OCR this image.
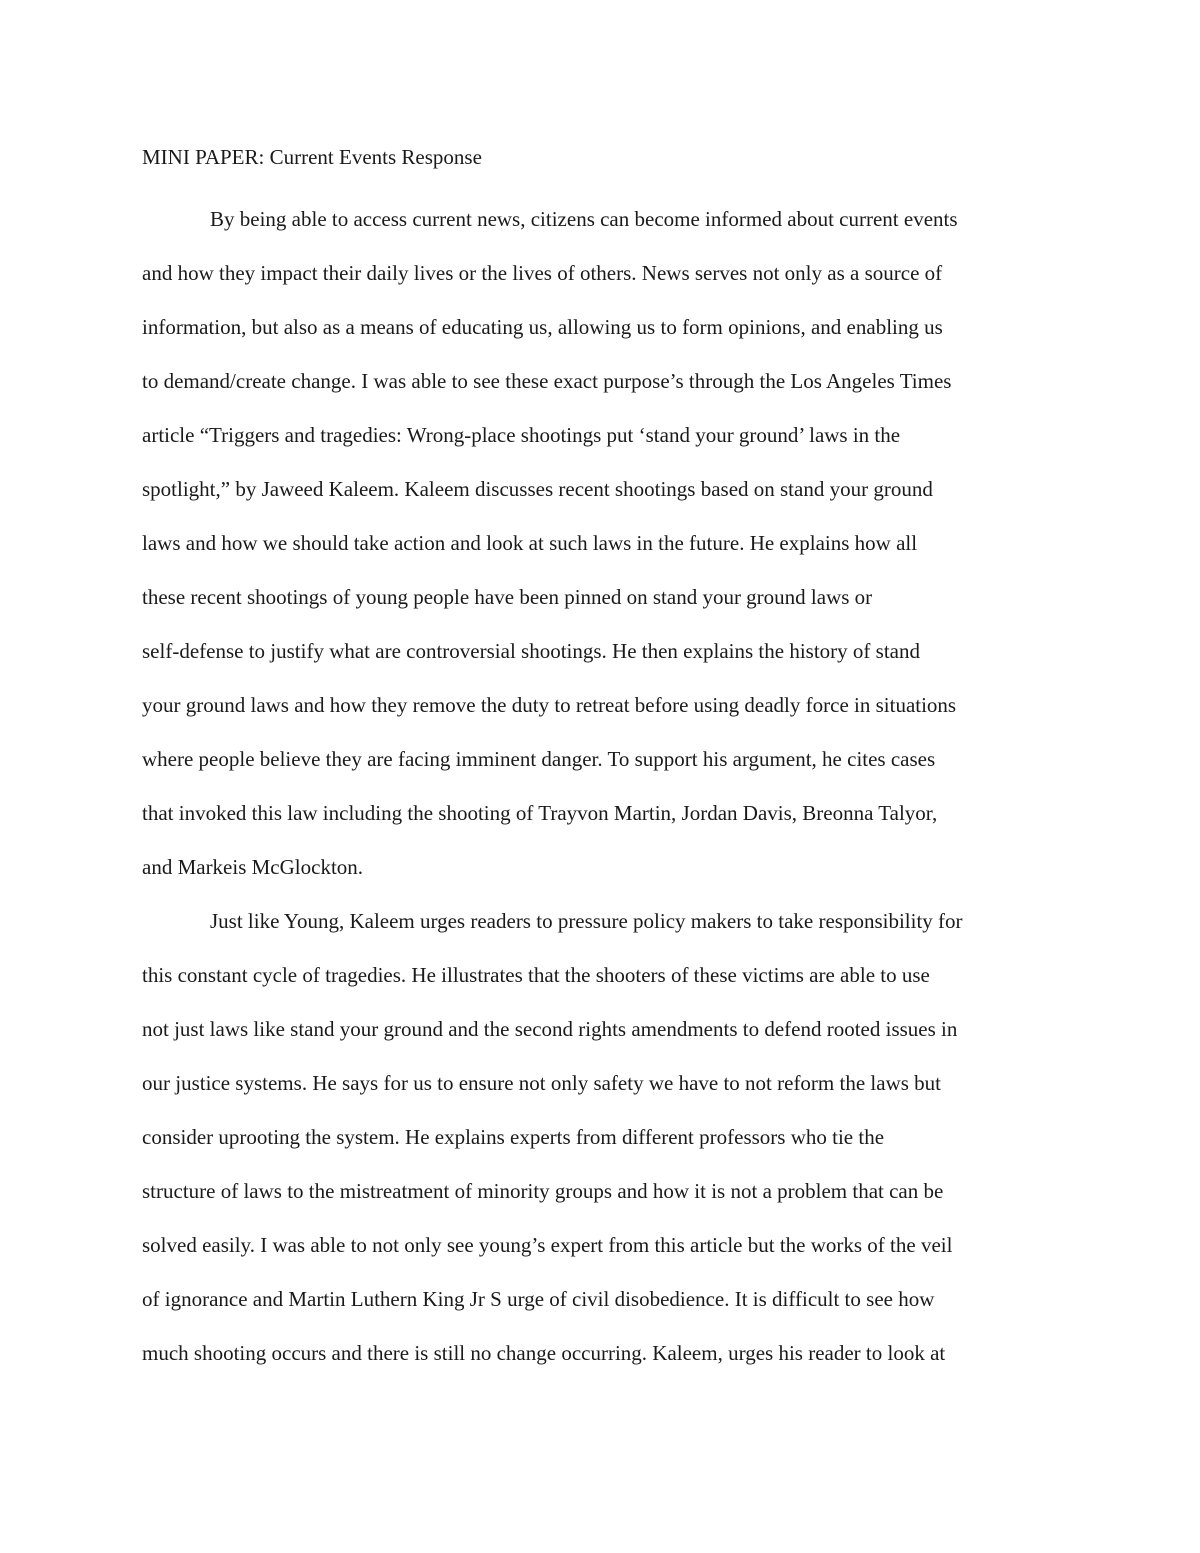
MINI PAPER: Current Events Response
By being able to access current news, citizens can become informed about current events
and how they impact their daily lives or the lives of others. News serves not only as a source of
information, but also as a means of educating us, allowing us to form opinions, and enabling us
to demand/create change. I was able to see these exact purpose’s through the Los Angeles Times
article “Triggers and tragedies: Wrong-place shootings put ‘stand your ground’ laws in the
spotlight,” by Jaweed Kaleem. Kaleem discusses recent shootings based on stand your ground
laws and how we should take action and look at such laws in the future. He explains how all
these recent shootings of young people have been pinned on stand your ground laws or
self-defense to justify what are controversial shootings. He then explains the history of stand
your ground laws and how they remove the duty to retreat before using deadly force in situations
where people believe they are facing imminent danger. To support his argument, he cites cases
that invoked this law including the shooting of Trayvon Martin, Jordan Davis, Breonna Talyor,
and Markeis McGlockton.
Just like Young, Kaleem urges readers to pressure policy makers to take responsibility for
this constant cycle of tragedies. He illustrates that the shooters of these victims are able to use
not just laws like stand your ground and the second rights amendments to defend rooted issues in
our justice systems. He says for us to ensure not only safety we have to not reform the laws but
consider uprooting the system. He explains experts from different professors who tie the
structure of laws to the mistreatment of minority groups and how it is not a problem that can be
solved easily. I was able to not only see young’s expert from this article but the works of the veil
of ignorance and Martin Luthern King Jr S urge of civil disobedience. It is difficult to see how
much shooting occurs and there is still no change occurring. Kaleem, urges his reader to look at
